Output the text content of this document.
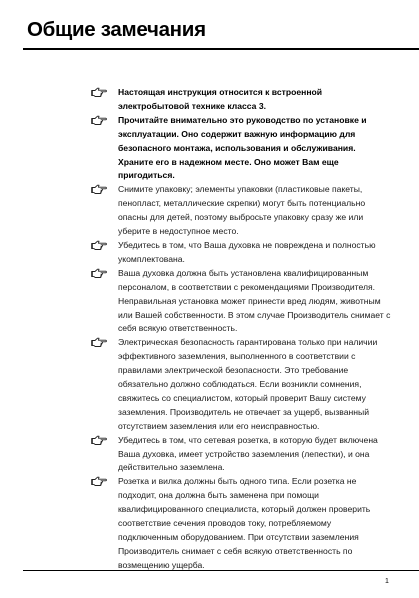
Общие замечания
Настоящая инструкция относится к встроенной электробытовой технике класса 3.
Прочитайте внимательно это руководство по установке и эксплуатации. Оно содержит важную информацию для безопасного монтажа, использования и обслуживания. Храните его в надежном месте. Оно может Вам еще пригодиться.
Снимите упаковку; элементы упаковки (пластиковые пакеты, пенопласт, металлические скрепки) могут быть потенциально опасны для детей, поэтому выбросьте упаковку сразу же или уберите в недоступное место.
Убедитесь в том, что Ваша духовка не повреждена и полностью укомплектована.
Ваша духовка должна быть установлена квалифицированным персоналом, в соответствии с рекомендациями Производителя. Неправильная установка может принести вред людям, животным или Вашей собственности. В этом случае Производитель снимает с себя всякую ответственность.
Электрическая безопасность гарантирована только при наличии эффективного заземления, выполненного в соответствии с правилами электрической безопасности. Это требование обязательно должно соблюдаться. Если возникли сомнения, свяжитесь со специалистом, который проверит Вашу систему заземления. Производитель не отвечает за ущерб, вызванный отсутствием заземления или его неисправностью.
Убедитесь в том, что сетевая розетка, в которую будет включена Ваша духовка, имеет устройство заземления (лепестки), и она действительно заземлена.
Розетка и вилка должны быть одного типа. Если розетка не подходит, она должна быть заменена при помощи квалифицированного специалиста, который должен проверить соответствие сечения проводов току, потребляемому подключенным оборудованием. При отсутствии заземления Производитель снимает с себя всякую ответственность по возмещению ущерба.
1
